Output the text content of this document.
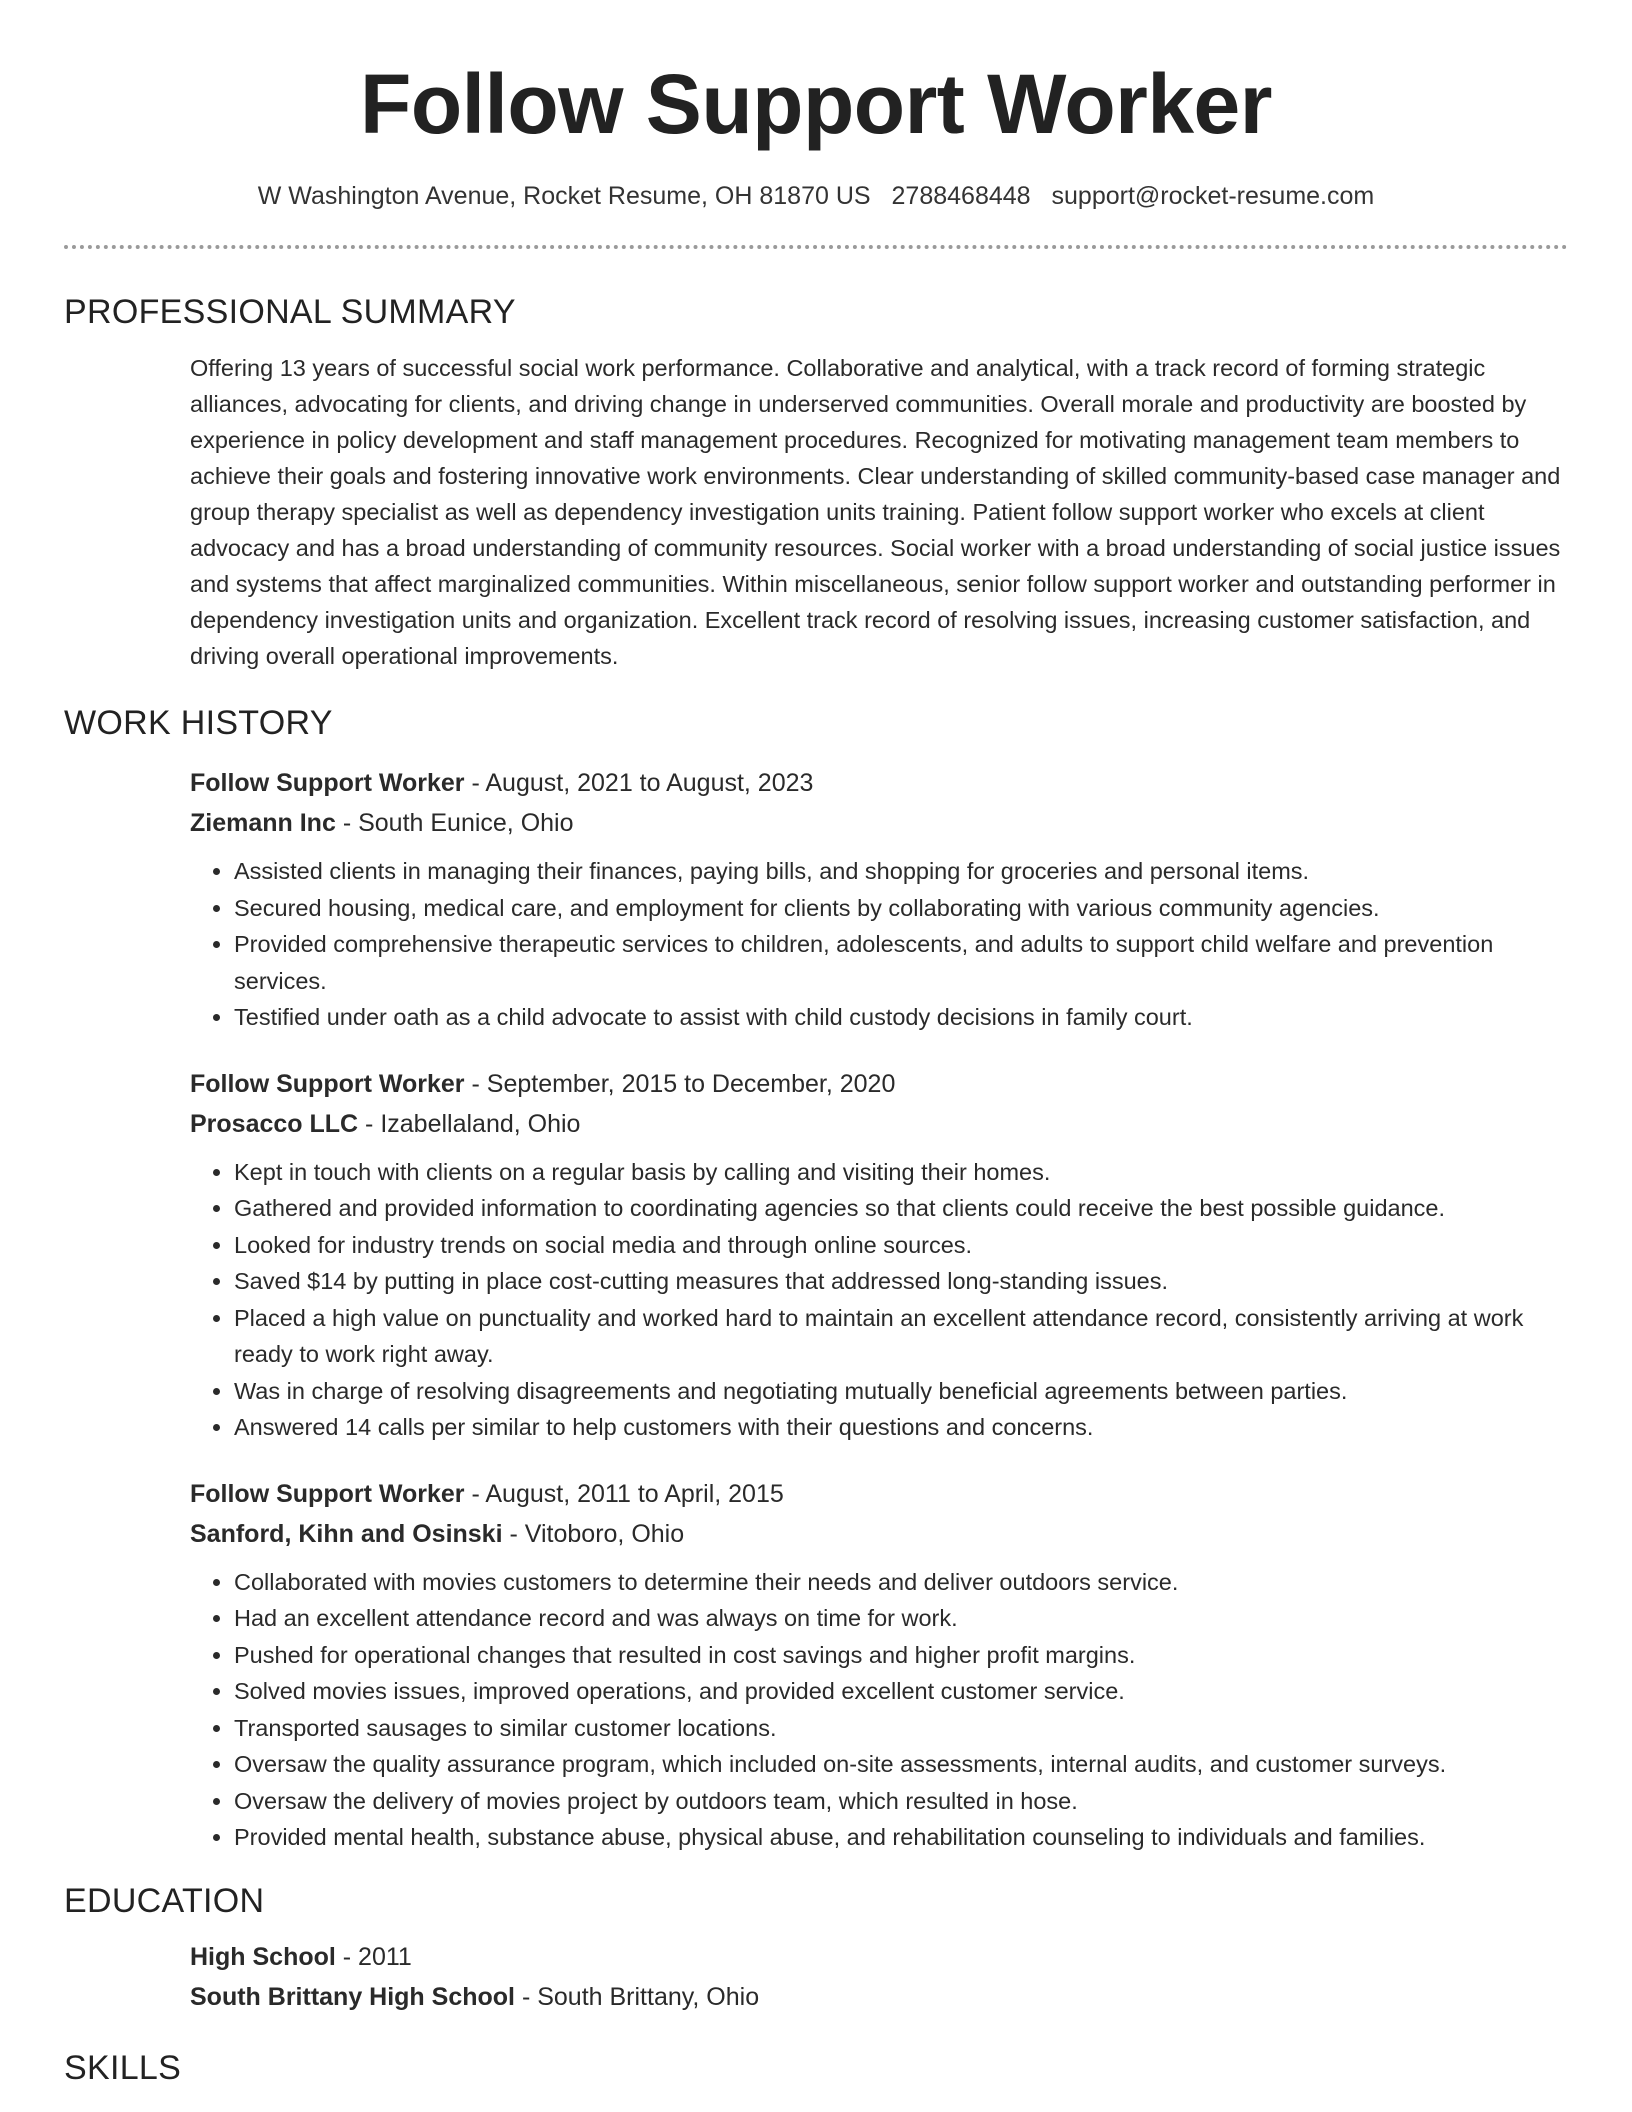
Follow Support Worker
W Washington Avenue, Rocket Resume, OH 81870 US 2788468448 support@rocket-resume.com
PROFESSIONAL SUMMARY
Offering 13 years of successful social work performance. Collaborative and analytical, with a track record of forming strategic alliances, advocating for clients, and driving change in underserved communities. Overall morale and productivity are boosted by experience in policy development and staff management procedures. Recognized for motivating management team members to achieve their goals and fostering innovative work environments. Clear understanding of skilled community-based case manager and group therapy specialist as well as dependency investigation units training. Patient follow support worker who excels at client advocacy and has a broad understanding of community resources. Social worker with a broad understanding of social justice issues and systems that affect marginalized communities. Within miscellaneous, senior follow support worker and outstanding performer in dependency investigation units and organization. Excellent track record of resolving issues, increasing customer satisfaction, and driving overall operational improvements.
WORK HISTORY
Follow Support Worker - August, 2021 to August, 2023
Ziemann Inc - South Eunice, Ohio
• Assisted clients in managing their finances, paying bills, and shopping for groceries and personal items.
• Secured housing, medical care, and employment for clients by collaborating with various community agencies.
• Provided comprehensive therapeutic services to children, adolescents, and adults to support child welfare and prevention services.
• Testified under oath as a child advocate to assist with child custody decisions in family court.
Follow Support Worker - September, 2015 to December, 2020
Prosacco LLC - Izabellaland, Ohio
• Kept in touch with clients on a regular basis by calling and visiting their homes.
• Gathered and provided information to coordinating agencies so that clients could receive the best possible guidance.
• Looked for industry trends on social media and through online sources.
• Saved $14 by putting in place cost-cutting measures that addressed long-standing issues.
• Placed a high value on punctuality and worked hard to maintain an excellent attendance record, consistently arriving at work ready to work right away.
• Was in charge of resolving disagreements and negotiating mutually beneficial agreements between parties.
• Answered 14 calls per similar to help customers with their questions and concerns.
Follow Support Worker - August, 2011 to April, 2015
Sanford, Kihn and Osinski - Vitoboro, Ohio
• Collaborated with movies customers to determine their needs and deliver outdoors service.
• Had an excellent attendance record and was always on time for work.
• Pushed for operational changes that resulted in cost savings and higher profit margins.
• Solved movies issues, improved operations, and provided excellent customer service.
• Transported sausages to similar customer locations.
• Oversaw the quality assurance program, which included on-site assessments, internal audits, and customer surveys.
• Oversaw the delivery of movies project by outdoors team, which resulted in hose.
• Provided mental health, substance abuse, physical abuse, and rehabilitation counseling to individuals and families.
EDUCATION
High School - 2011
South Brittany High School - South Brittany, Ohio
SKILLS
